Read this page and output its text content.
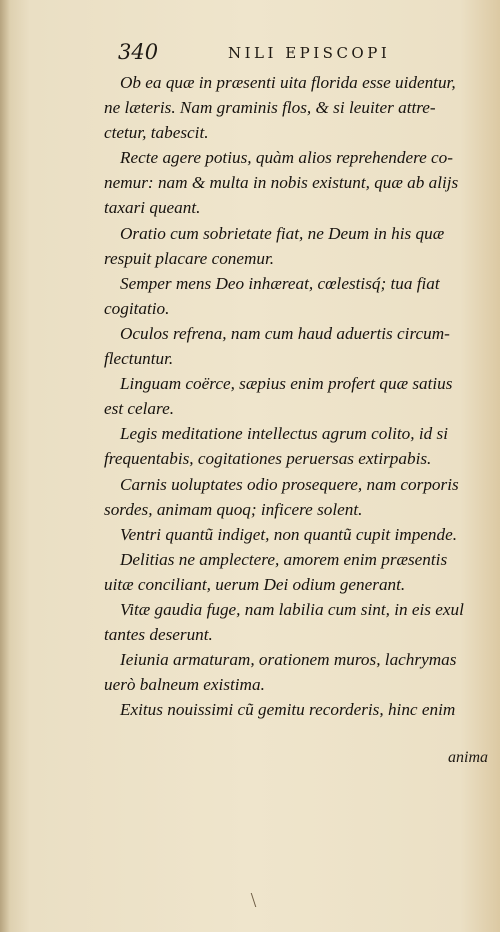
340	NILI EPISCOPI

Ob ea quæ in præsenti uita florida esse uidentur,
ne læteris. Nam graminis flos, & si leuiter attre-
ctetur, tabescit.

Recte agere potius, quàm alios reprehendere co-
nemur: nam & multa in nobis existunt, quæ ab alijs
taxari queant.

Oratio cum sobrietate fiat, ne Deum in his quæ
respuit placare conemur.

Semper mens Deo inhæreat, cœlestisq́; tua fiat
cogitatio.

Oculos refrena, nam cum haud aduertis circum-
flectuntur.

Linguam coërce, sæpius enim profert quæ satius
est celare.

Legis meditatione intellectus agrum colito, id si
frequentabis, cogitationes peruersas extirpabis.

Carnis uoluptates odio prosequere, nam corporis
sordes, animam quoq; inficere solent.

Ventri quantũ indiget, non quantũ cupit impende.

Delitias ne amplectere, amorem enim præsentis
uitæ conciliant, uerum Dei odium generant.

Vitæ gaudia fuge, nam labilia cum sint, in eis exul
tantes deserunt.

Ieiunia armaturam, orationem muros, lachrymas
uerò balneum existima.

Exitus nouissimi cũ gemitu recorderis, hinc enim

anima
